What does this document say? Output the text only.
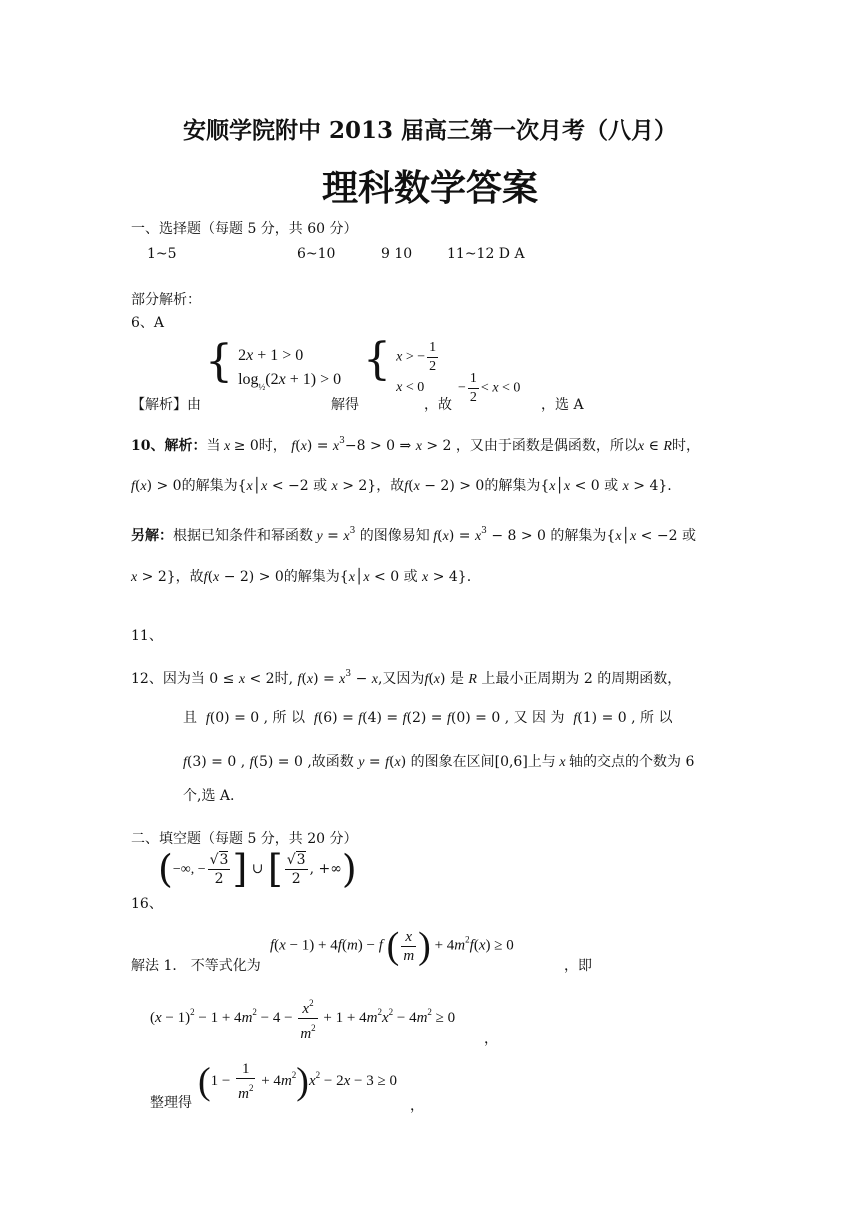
安顺学院附中 2013 届高三第一次月考（八月）
理科数学答案
一、选择题（每题 5 分，共 60 分）
1~5	6~10	9 10 11~12 D A
部分解析：
6、A
{ 2x + 1 > 0
$\log_{\frac{1}{2}}(2x + 1) > 0$
【解析】由	解得
{ x > − $\frac{1}{2}$
x < 0
，故
− $\frac{1}{2} < x < 0$
，选 A
10、解析：当 x ≥ 0时， $f(x) = x^3-8 > 0$ ⇒ x > 2 ，又由于函数是偶函数，所以x ∈ R时，
f(x) > 0的解集为{x│x < −2 或 x > 2}，故f(x − 2) > 0的解集为{x│x < 0 或 x > 4}.
另解：根据已知条件和幂函数 $y = x^3$ 的图像易知 $f(x) = x^3 - 8 > 0$ 的解集为{x│x < −2 或
x > 2}，故f(x − 2) > 0的解集为{x│x < 0 或 x > 4}.
11、
12、因为当 0 ≤ x < 2时, $f(x) = x^3 - x$,又因为f(x) 是 R 上最小正周期为 2 的周期函数，
且 f(0) = 0 , 所 以 f(6) = f(4) = f(2) = f(0) = 0 , 又 因 为 f(1) = 0 , 所 以
f(3) = 0 , f(5) = 0 ,故函数 y = f(x) 的图象在区间[0,6]上与 x 轴的交点的个数为 6
个,选 A.
二、填空题（每题 5 分，共 20 分）
(−∞, − $\frac{√3}{2}$ ] ∪ [ $\frac{√3}{2}$ , +∞)
16、
解法 1． 不等式化为
f(x − 1) + 4f(m) − f ( $\frac{x}{m}$ ) + $4m^2f(x) \ge 0$
，即
$(x - 1)^2 - 1 + 4m^2 - 4 - \frac{x^2}{m^2} + 1 + 4m^2x^2 - 4m^2 \ge 0$
，
整理得
$(1 - \frac{1}{m^2} + 4m^2)x^2 - 2x - 3 \ge 0$
，
